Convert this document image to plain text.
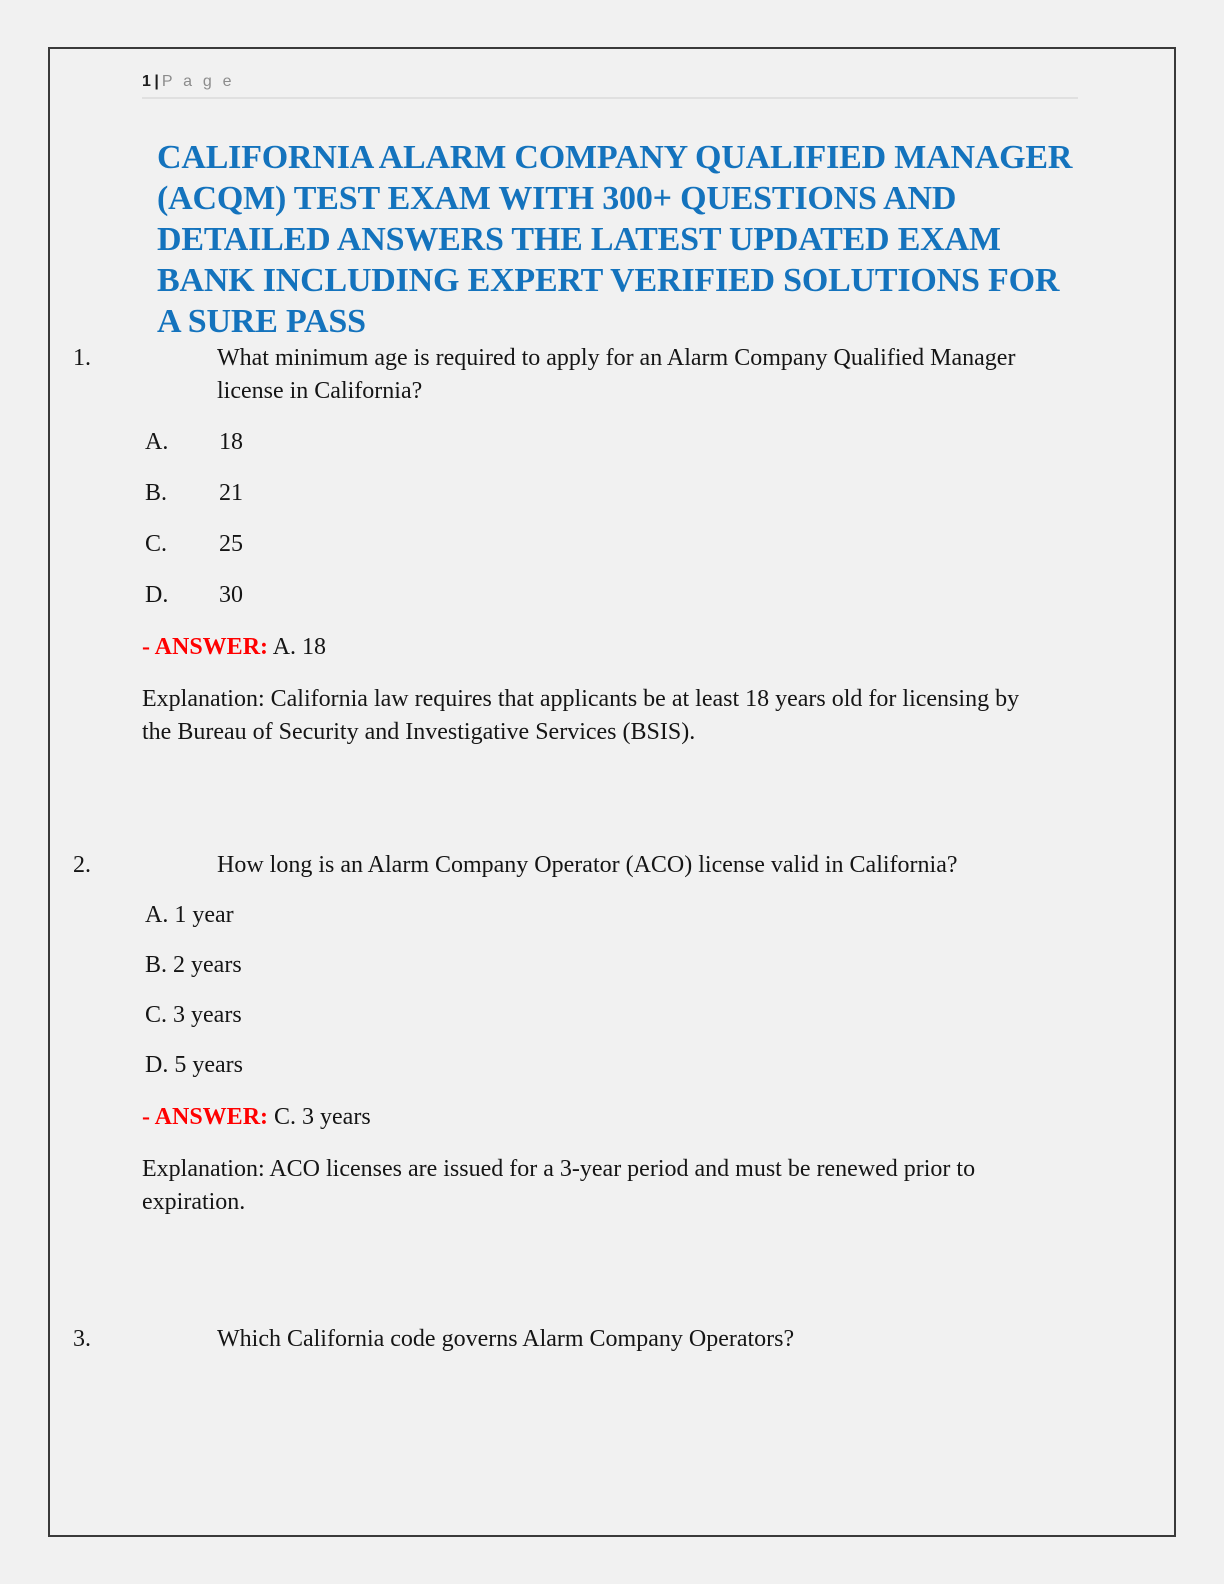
1 | P a g e
CALIFORNIA ALARM COMPANY QUALIFIED MANAGER (ACQM) TEST EXAM WITH 300+ QUESTIONS AND DETAILED ANSWERS THE LATEST UPDATED EXAM BANK INCLUDING EXPERT VERIFIED SOLUTIONS FOR A SURE PASS

1.	What minimum age is required to apply for an Alarm Company Qualified Manager license in California?

A. 18

B. 21

C. 25

D. 30

- ANSWER: A. 18

Explanation: California law requires that applicants be at least 18 years old for licensing by the Bureau of Security and Investigative Services (BSIS).

2.	How long is an Alarm Company Operator (ACO) license valid in California?

A. 1 year

B. 2 years

C. 3 years

D. 5 years

- ANSWER: C. 3 years

Explanation: ACO licenses are issued for a 3-year period and must be renewed prior to expiration.

3.	Which California code governs Alarm Company Operators?
